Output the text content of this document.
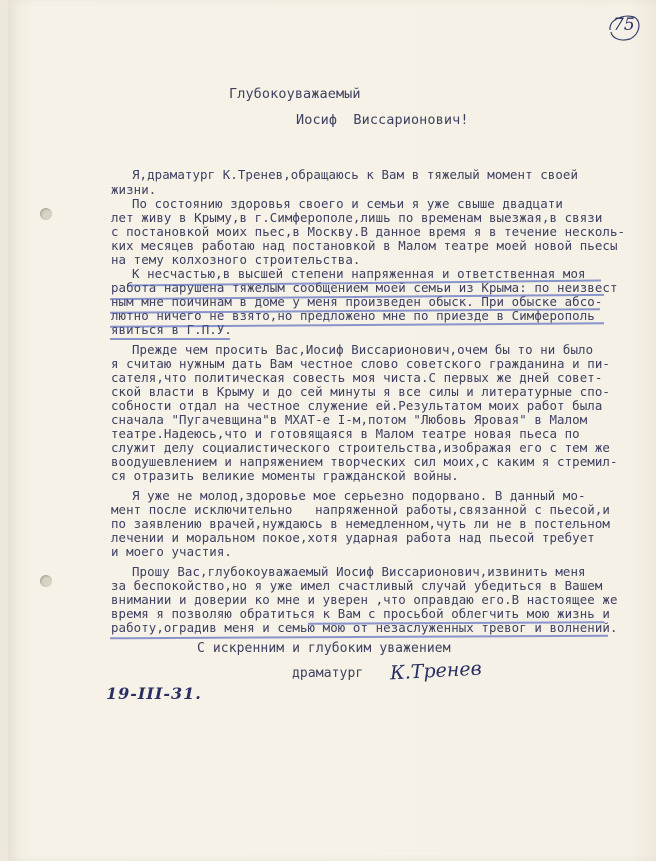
75
Глубокоуважаемый
Иосиф Виссарионович!
Я,драматург К.Тренев,обращаюсь к Вам в тяжелый момент своей
жизни.
По состоянию здоровья своего и семьи я уже свыше двадцати
лет живу в Крыму,в г.Симферополе,лишь по временам выезжая,в связи
с постановкой моих пьес,в Москву.В данное время я в течение несколь-
ких месяцев работаю над постановкой в Малом театре моей новой пьесы
на тему колхозного строительства.
К несчастью,в высшей степени напряженная и ответственная моя
работа нарушена тяжелым сообщением моей семьи из Крыма: по неизвест
ным мне поичинам в доме у меня произведен обыск. При обыске абсо-
лютно ничего не взято,но предложено мне по приезде в Симферополь
явиться в Г.П.У.
Прежде чем просить Вас,Иосиф Виссарионович,очем бы то ни было
я считаю нужным дать Вам честное слово советского гражданина и пи-
сателя,что политическая совесть моя чиста.С первых же дней совет-
ской власти в Крыму и до сей минуты я все силы и литературные спо-
собности отдал на честное служение ей.Результатом моих работ была
сначала "Пугачевщина"в МХАТ-е I-м,потом "Любовь Яровая" в Малом
театре.Надеюсь,что и готовящаяся в Малом театре новая пьеса по
служит делу социалистического строительства,изображая его с тем же
воодушевлением и напряжением творческих сил моих,с каким я стремил-
ся отразить великие моменты гражданской войны.
Я уже не молод,здоровье мое серьезно подорвано. В данный мо-
мент после исключительно   напряженной работы,связанной с пьесой,и
по заявлению врачей,нуждаюсь в немедленном,чуть ли не в постельном
лечении и моральном покое,хотя ударная работа над пьесой требует
и моего участия.
Прошу Вас,глубокоуважаемый Иосиф Виссарионович,извинить меня
за беспокойство,но я уже имел счастливый случай убедиться в Вашем
внимании и доверии ко мне и уверен ,что оправдаю его.В настоящее же
время я позволяю обратиться к Вам с просьбой облегчить мою жизнь и
работу,оградив меня и семью мою от незаслуженных тревог и волнений.
С искренним и глубоким уважением
драматург К.Тренев
19-III-31.
